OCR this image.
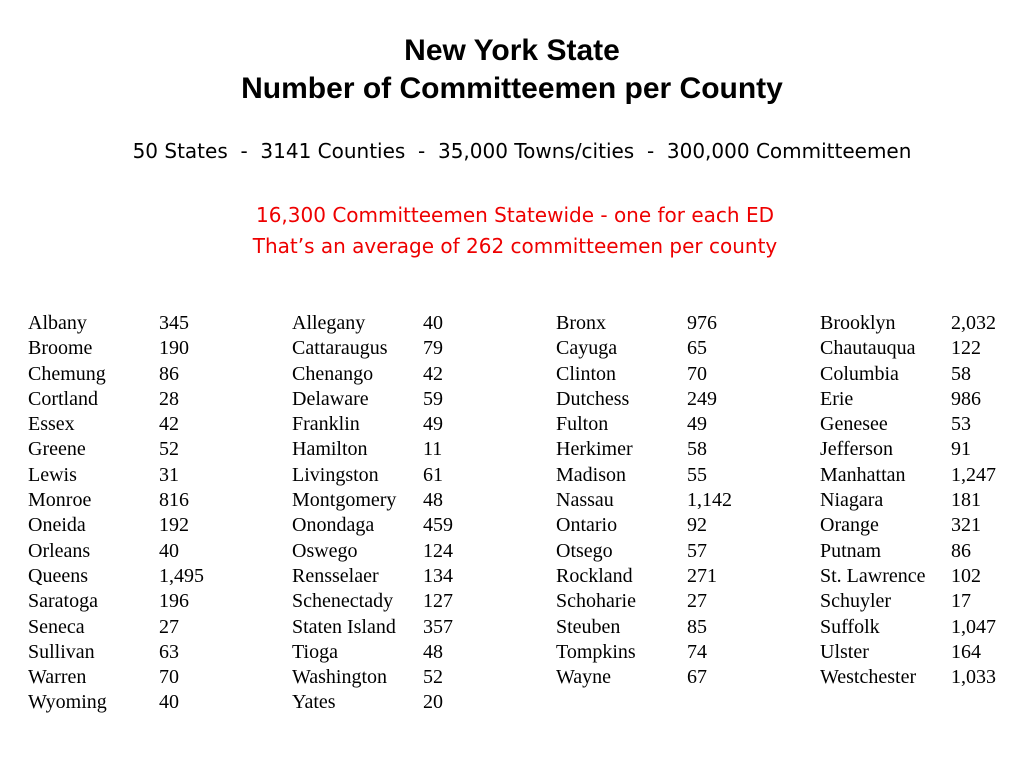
New York State
Number of Committeemen per County
50 States  -  3141 Counties  -  35,000 Towns/cities  -  300,000 Committeemen
16,300 Committeemen Statewide - one for each ED
That’s an average of 262 committeemen per county
Albany	345
Broome	190
Chemung	86
Cortland	28
Essex	42
Greene	52
Lewis	31
Monroe	816
Oneida	192
Orleans	40
Queens	1,495
Saratoga	196
Seneca	27
Sullivan	63
Warren	70
Wyoming	40
Allegany	40
Cattaraugus 79
Chenango 42
Delaware	59
Franklin	49
Hamilton	11
Livingston 61
Montgomery 48
Onondaga 459
Oswego	124
Rensselaer 134
Schenectady 127
Staten Island 357
Tioga	48
Washington 52
Yates	20
Bronx	976
Cayuga	65
Clinton	70
Dutchess	249
Fulton	49
Herkimer	58
Madison	55
Nassau	1,142
Ontario	92
Otsego	57
Rockland	271
Schoharie	27
Steuben	85
Tompkins	74
Wayne	67
Brooklyn	2,032
Chautauqua 122
Columbia	58
Erie	986
Genesee	53
Jefferson	91
Manhattan 1,247
Niagara	181
Orange	321
Putnam	86
St. Lawrence 102
Schuyler	17
Suffolk	1,047
Ulster	164
Westchester 1,033
